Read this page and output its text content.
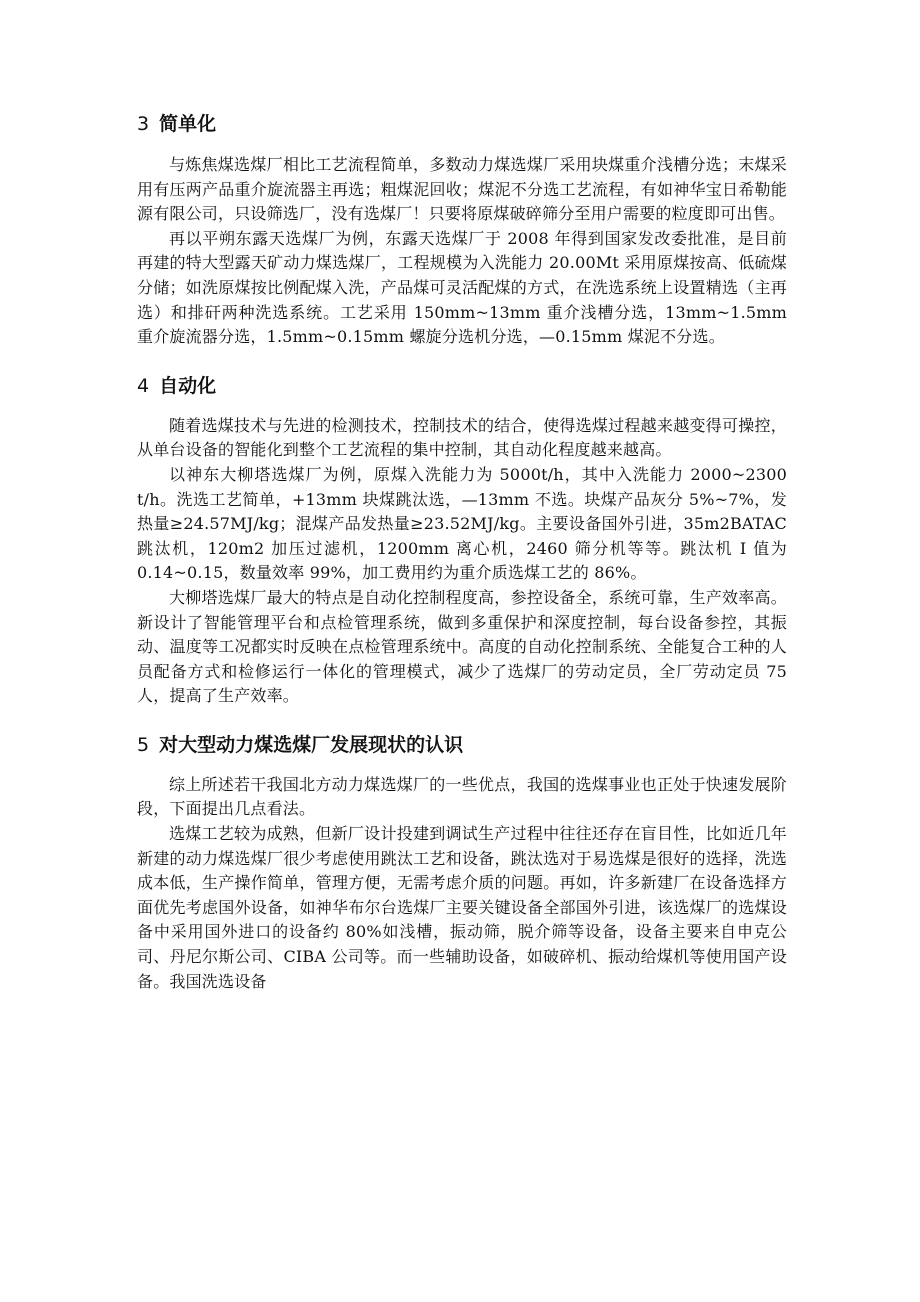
3 简单化

与炼焦煤选煤厂相比工艺流程简单，多数动力煤选煤厂采用块煤重介浅槽分选；末煤采用有压两产品重介旋流器主再选；粗煤泥回收；煤泥不分选工艺流程，有如神华宝日希勒能源有限公司，只设筛选厂，没有选煤厂！只要将原煤破碎筛分至用户需要的粒度即可出售。

再以平朔东露天选煤厂为例，东露天选煤厂于 2008 年得到国家发改委批准，是目前再建的特大型露天矿动力煤选煤厂，工程规模为入洗能力 20.00Mt 采用原煤按高、低硫煤分储；如洗原煤按比例配煤入洗，产品煤可灵活配煤的方式，在洗选系统上设置精选（主再选）和排矸两种洗选系统。工艺采用 150mm~13mm 重介浅槽分选，13mm~1.5mm 重介旋流器分选，1.5mm~0.15mm 螺旋分选机分选，—0.15mm 煤泥不分选。

4 自动化

随着选煤技术与先进的检测技术，控制技术的结合，使得选煤过程越来越变得可操控，从单台设备的智能化到整个工艺流程的集中控制，其自动化程度越来越高。

以神东大柳塔选煤厂为例，原煤入洗能力为 5000t/h，其中入洗能力 2000~2300 t/h。洗选工艺简单，+13mm 块煤跳汰选，—13mm 不选。块煤产品灰分 5%~7%，发热量≥24.57MJ/kg；混煤产品发热量≥23.52MJ/kg。主要设备国外引进，35m2BATAC 跳汰机，120m2 加压过滤机，1200mm 离心机，2460 筛分机等等。跳汰机 I 值为 0.14~0.15，数量效率 99%，加工费用约为重介质选煤工艺的 86%。

大柳塔选煤厂最大的特点是自动化控制程度高，参控设备全，系统可靠，生产效率高。新设计了智能管理平台和点检管理系统，做到多重保护和深度控制，每台设备参控，其振动、温度等工况都实时反映在点检管理系统中。高度的自动化控制系统、全能复合工种的人员配备方式和检修运行一体化的管理模式，减少了选煤厂的劳动定员，全厂劳动定员 75 人，提高了生产效率。

5 对大型动力煤选煤厂发展现状的认识

综上所述若干我国北方动力煤选煤厂的一些优点，我国的选煤事业也正处于快速发展阶段，下面提出几点看法。

选煤工艺较为成熟，但新厂设计投建到调试生产过程中往往还存在盲目性，比如近几年新建的动力煤选煤厂很少考虑使用跳汰工艺和设备，跳汰选对于易选煤是很好的选择，洗选成本低，生产操作简单，管理方便，无需考虑介质的问题。再如，许多新建厂在设备选择方面优先考虑国外设备，如神华布尔台选煤厂主要关键设备全部国外引进，该选煤厂的选煤设备中采用国外进口的设备约 80%如浅槽，振动筛，脱介筛等设备，设备主要来自申克公司、丹尼尔斯公司、CIBA 公司等。而一些辅助设备，如破碎机、振动给煤机等使用国产设备。我国洗选设备
